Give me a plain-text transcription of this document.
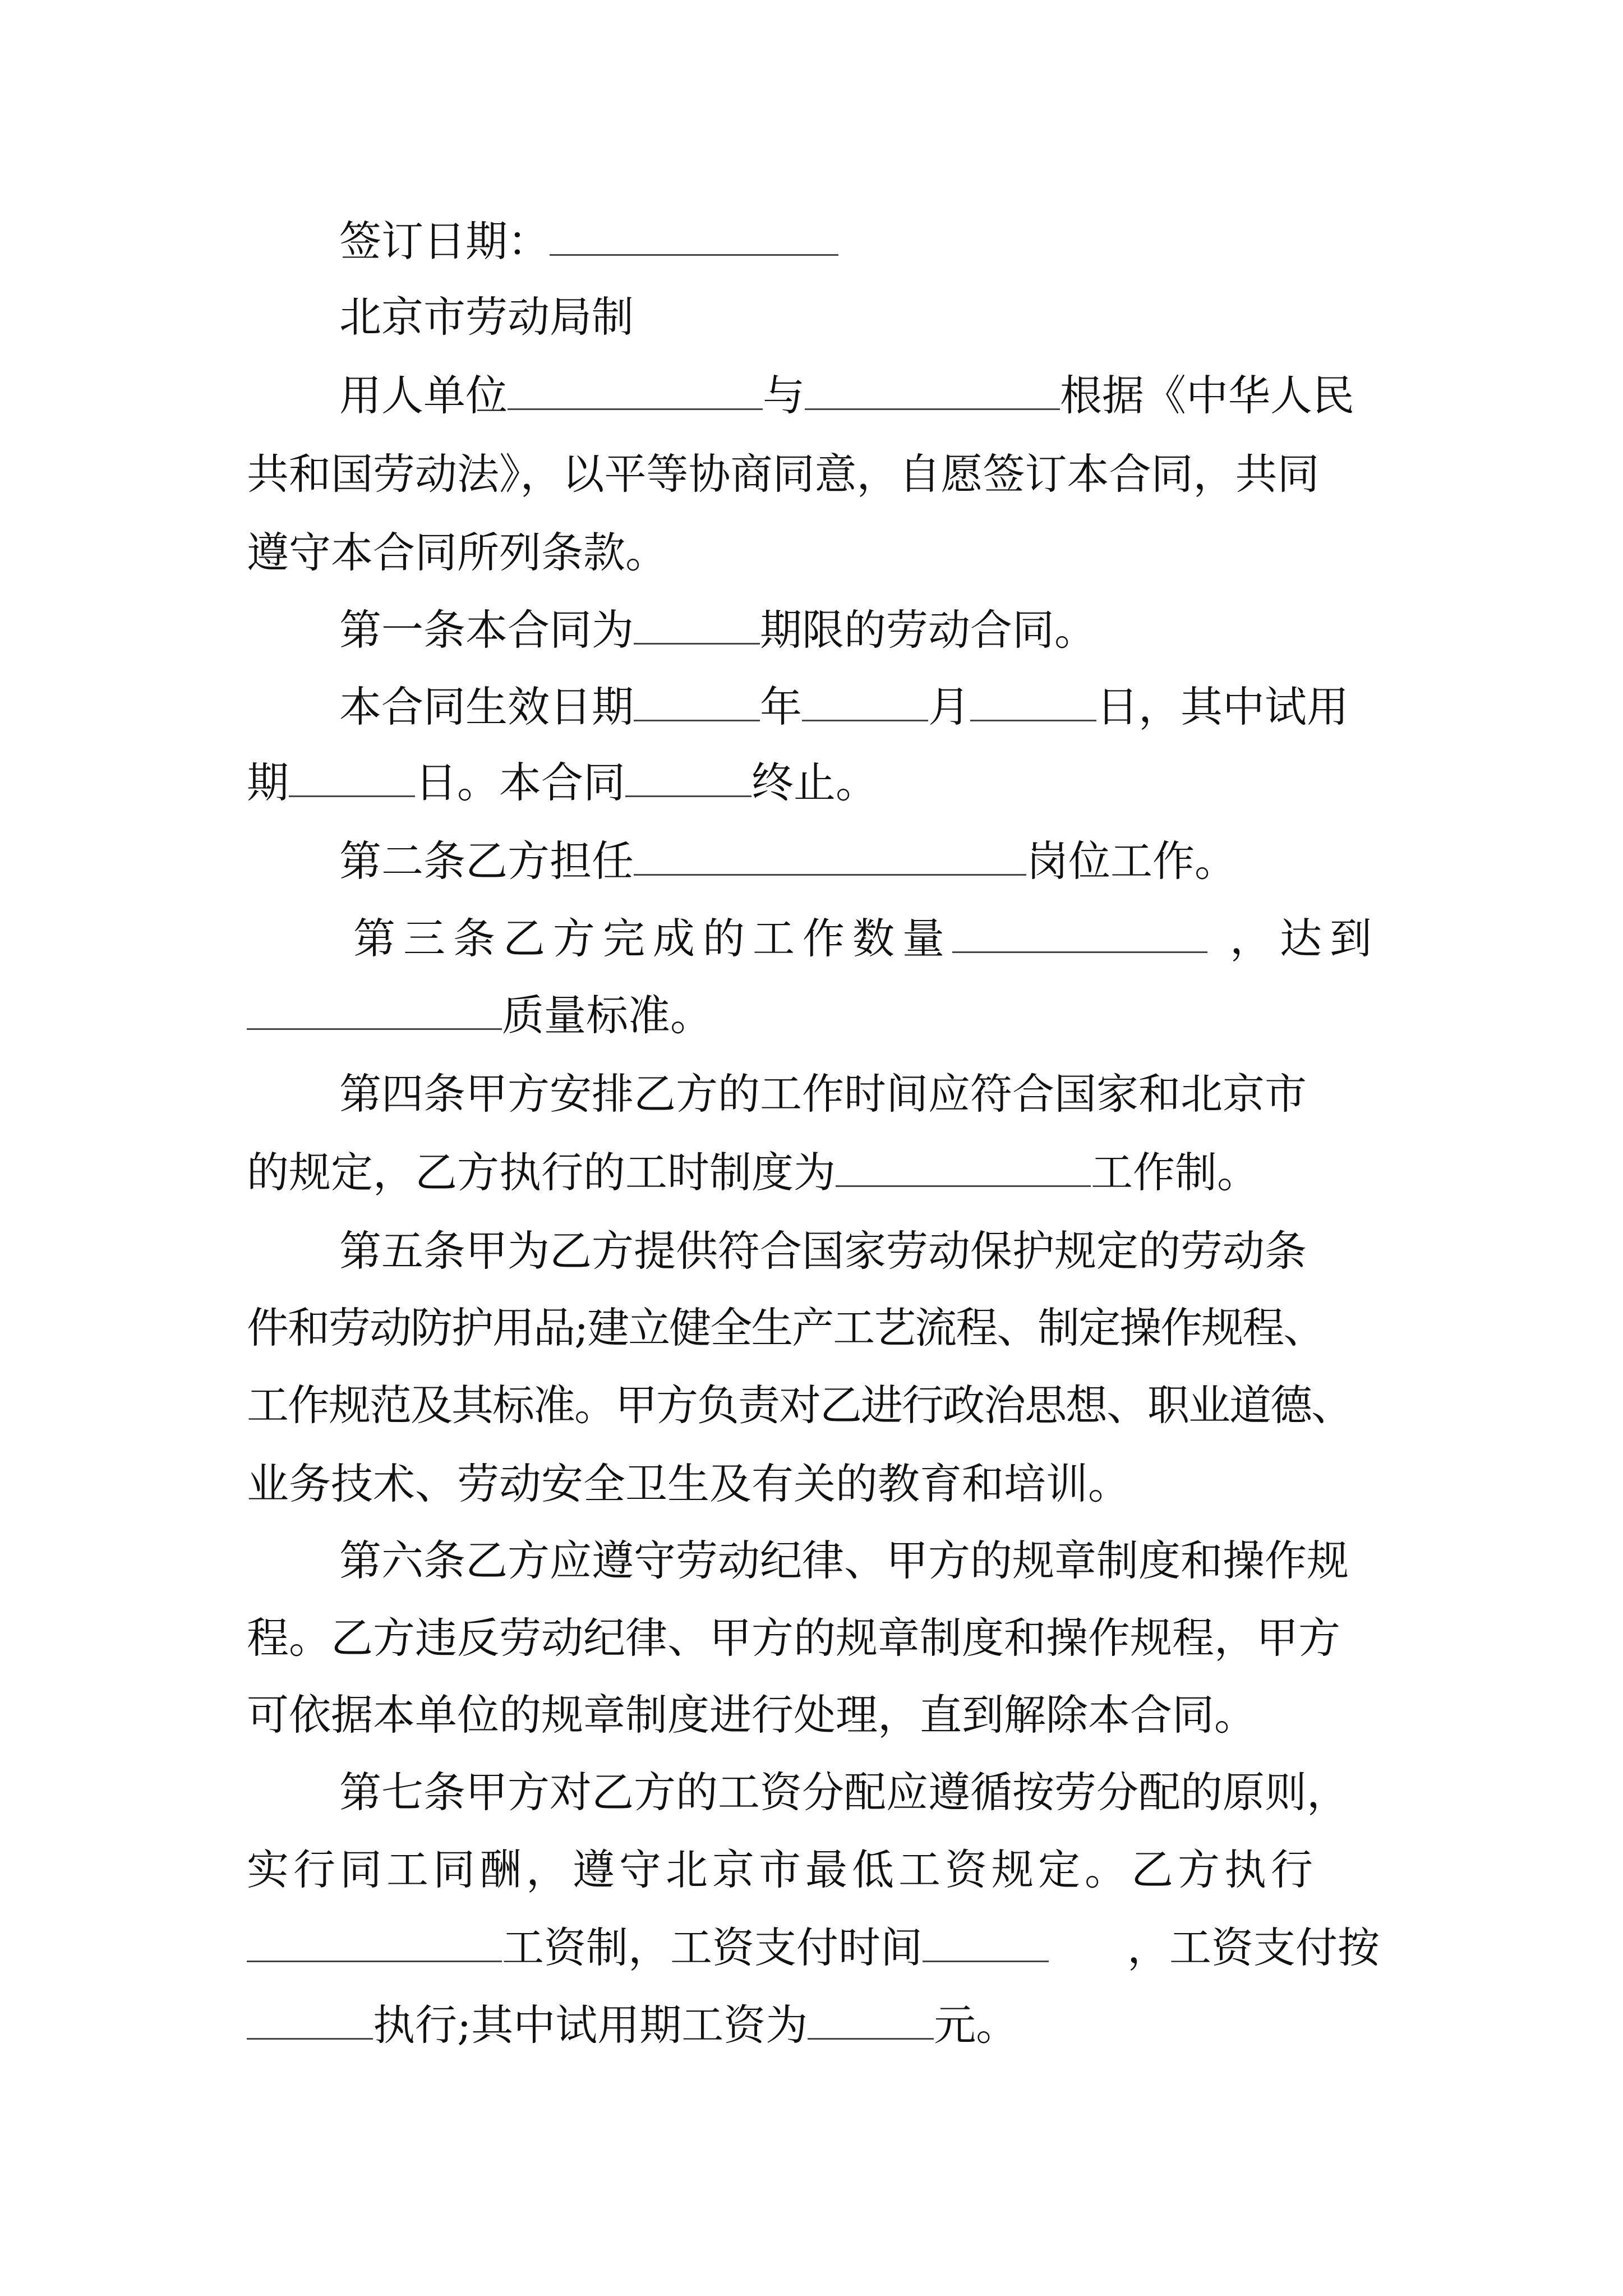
签订日期：
北京市劳动局制
用人单位	与	根据《中华人民
共和国劳动法》，以平等协商同意，自愿签订本合同，共同
遵守本合同所列条款。
第一条本合同为	期限的劳动合同。
本合同生效日期	年	月	日，其中试用
期	日。本合同	终止。
第二条乙方担任	岗位工作。
第三条乙方完成的工作数量	，达到
质量标准。
第四条甲方安排乙方的工作时间应符合国家和北京市
的规定，乙方执行的工时制度为	工作制。
第五条甲为乙方提供符合国家劳动保护规定的劳动条
件和劳动防护用品;建立健全生产工艺流程、制定操作规程、
工作规范及其标准。甲方负责对乙进行政治思想、职业道德、
业务技术、劳动安全卫生及有关的教育和培训。
第六条乙方应遵守劳动纪律、甲方的规章制度和操作规
程。乙方违反劳动纪律、甲方的规章制度和操作规程，甲方
可依据本单位的规章制度进行处理，直到解除本合同。
第七条甲方对乙方的工资分配应遵循按劳分配的原则，
实行同工同酬，遵守北京市最低工资规定。乙方执行
工资制，工资支付时间	，工资支付按
执行;其中试用期工资为	元。
